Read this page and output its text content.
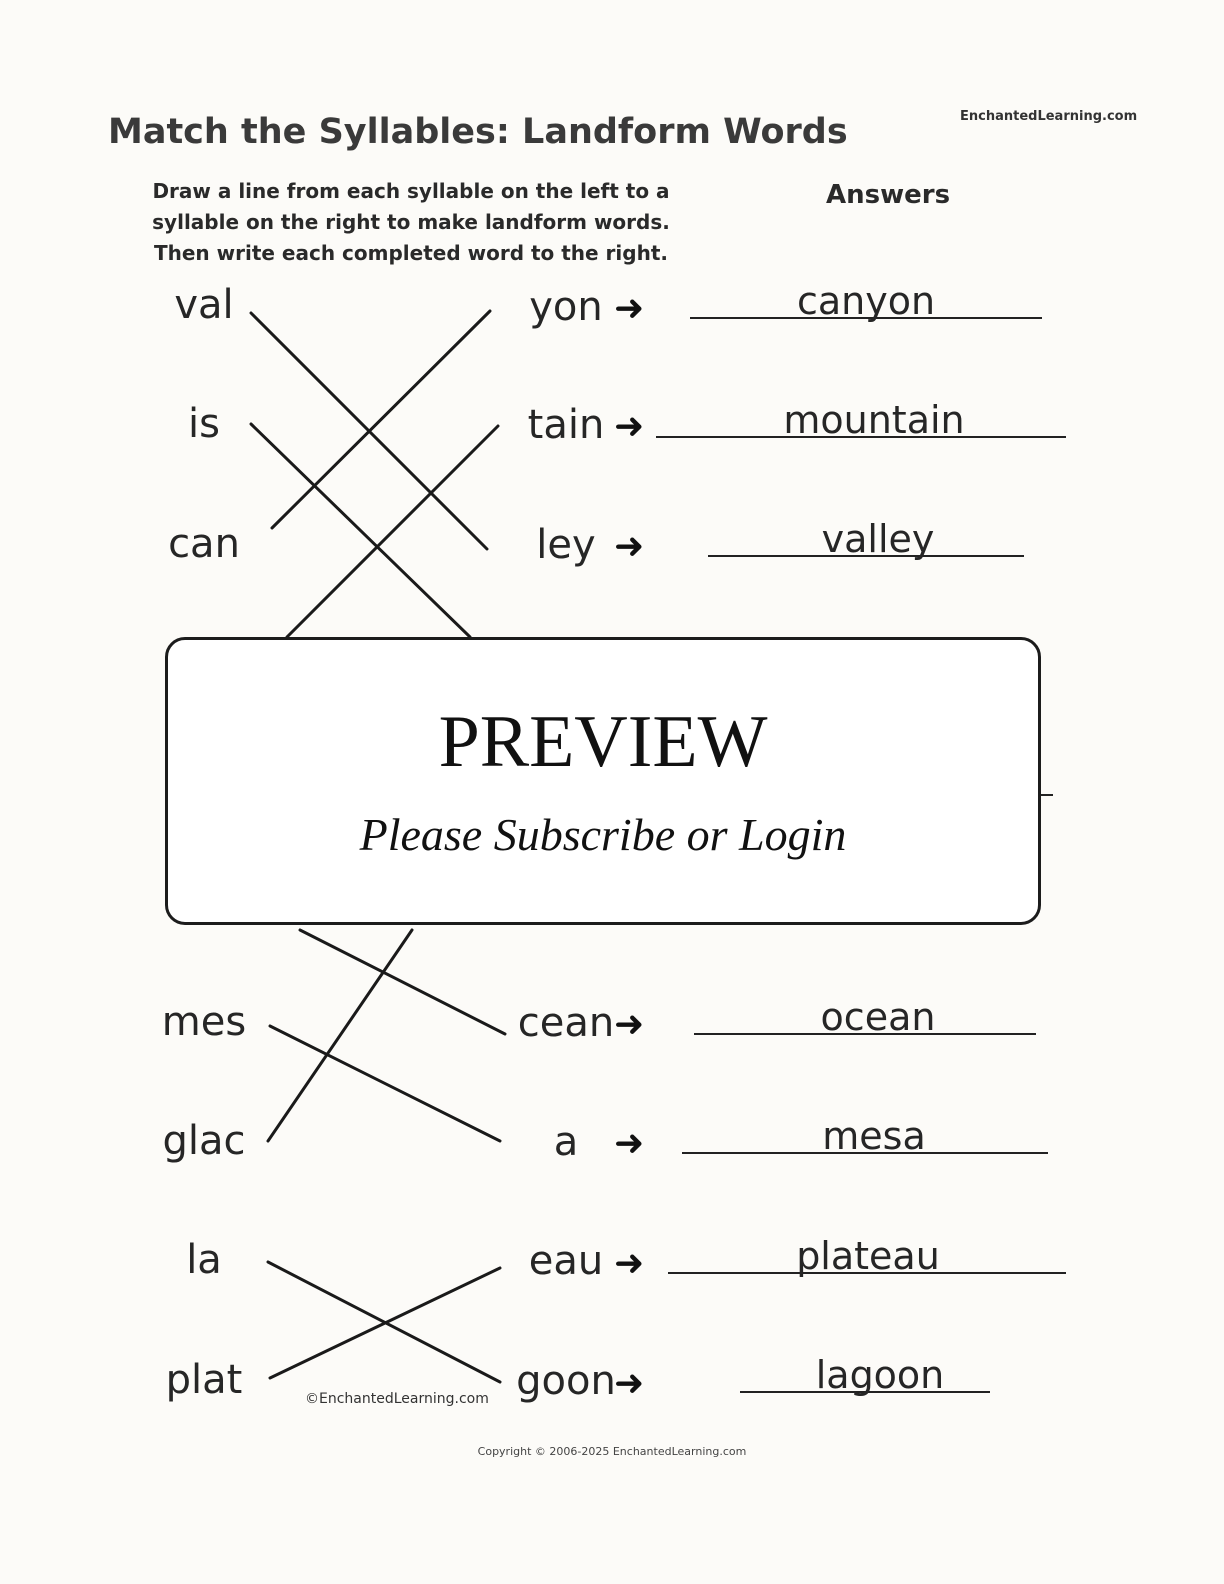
Match the Syllables: Landform Words	EnchantedLearning.com
Draw a line from each syllable on the left to a syllable on the right to make landform words. Then write each completed word to the right.
Answers
val
is
can
yon
tain
ley
➜
➜
➜
canyon
mountain
valley
mes
glac
la
plat
cean
a
eau
goon
➜
➜
➜
➜
ocean
mesa
plateau
lagoon
PREVIEW
Please Subscribe or Login
©EnchantedLearning.com
Copyright © 2006-2025 EnchantedLearning.com
